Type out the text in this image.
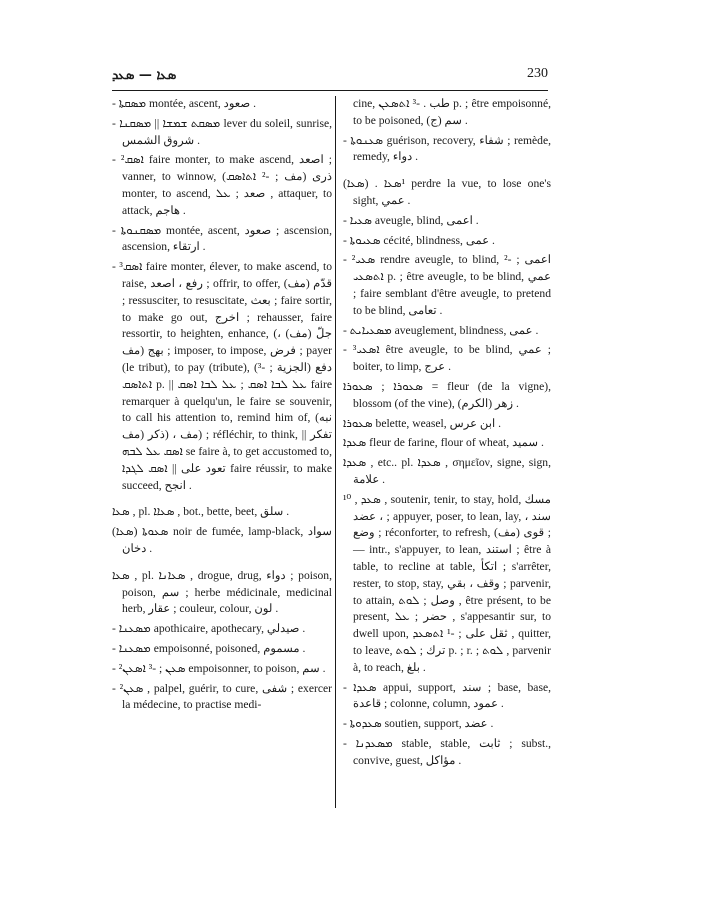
ܣܥܐ — ܣܥܕ	230

- ܡܣܩܬܐ montée, ascent, صعود .

- ܡܣܩܬ ܫܡܫܐ || ܡܣܩܢܐ lever du soleil, sunrise, شروق الشمس .

- ²ܐܣܩ faire monter, to make ascend, اصعد ; vanner, to winnow, (ذرى (مف ; -² ܐܬܐܣܩ monter, to ascend, صعد ; ܥܠ , attaquer, to attack, هاجم .

- ܡܣܩܢܘܬܐ montée, ascent, صعود ; ascension, ascension, ارتقاء .

- ³ܐܣܩ faire monter, élever, to make ascend, to raise, رفع ، اصعد ; offrir, to offer, (قدّم (مف ; ressusciter, to resuscitate, بعث ; faire sortir, to make go out, اخرج ; rehausser, faire ressortir, to heighten, enhance, (جلّ (مف) ، بهج (مف ; imposer, to impose, فرض ; payer (le tribut), to pay (tribute), (دفع (الجزية ; -³ ܐܬܐܣܩ p. || ܥܠ ܠܒܐ ܐܣܩ ; ܥܠ ܠܒܐ ܐܣܩ faire remarquer à quelqu'un, le faire se souvenir, to call his attention to, remind him of, (نبه (مف ، (ذكر (مف ; réfléchir, to think, تفكر || ܐܣܩ ܥܠ ܠܒܗ se faire à, to get accustomed to, تعود على || ܐܣܩ ܠܓܕܐ faire réussir, to make succeed, انجح .

ܣܥܐ , pl. ܣܥܐܐ , bot., bette, beet, سلق .

(ܣܥܐ) ܣܥܘܬܐ noir de fumée, lamp-black, سواد دخان .

ܣܥܐ , pl. ܣܥܐܢܐ , drogue, drug, دواء ; poison, poison, سم ; herbe médicinale, medicinal herb, عقار ; couleur, colour, لون .

- ܡܣܥܢܐ apothicaire, apothecary, صيدلي .

- ܡܣܥܢܐ empoisonné, poisoned, مسموم .

- ²ܣܥܢ ; -³ ܐܣܥܢ empoisonner, to poison, سم .

- ²ܣܥܢ , palpel, guérir, to cure, شفى ; exercer la médecine, to practise medi-

cine, طب . -³ ܐܬܣܥܢ p. ; être empoisonné, to be poisoned, (ج) سم .

- ܣܥܢܘܬܐ guérison, recovery, شفاء ; remède, remedy, دواء .

(ܣܥܐ) . ¹ܣܥܐ perdre la vue, to lose one's sight, عمي .

- ܣܥܝܐ aveugle, blind, اعمى .

- ܣܥܝܘܬܐ cécité, blindness, عمى .

- ²ܣܥܝ rendre aveugle, to blind, اعمى ; -² ܐܬܣܥܝ p. ; être aveugle, to be blind, عمي ; faire semblant d'être aveugle, to pretend to be blind, تعامى .

- ܡܣܥܝܐܝܬ aveuglement, blindness, عمى .

- ³ܐܣܥܝ être aveugle, to be blind, عمي ; boiter, to limp, عرج .

ܣܥܘܪܐ ; ܣܥܘܪܐ = fleur (de la vigne), blossom (of the vine), (زهر (الكرم .

ܣܥܘܪܐ belette, weasel, ابن عرس .

ܣܥܕܐ fleur de farine, flour of wheat, سميد .

ܣܥܕܐ , etc.. pl. ܣܥܕܐ , σημεῖον, signe, sign, علامة .

¹ܣܥܕ , ⁰ , soutenir, tenir, to stay, hold, مسك ، عضد ; appuyer, poser, to lean, lay, سند ، وضع ; réconforter, to refresh, (قوى (مف ; — intr., s'appuyer, to lean, استند ; être à table, to recline at table, اتكأ ; s'arrêter, rester, to stop, stay, وقف ، بقي ; parvenir, to attain, وصل ; ܠܘܬ , être présent, to be present, حضر ; ܥܠ , s'appesantir sur, to dwell upon, ثقل على ; -¹ ܐܬܣܥܕ , quitter, to leave, ترك ; ܠܘܬ p. ; r. ; ܠܘܬ , parvenir à, to reach, بلغ .

- ܣܥܕܐ appui, support, سند ; base, base, قاعدة ; colonne, column, عمود .

- ܣܥܕܘܬܐ soutien, support, عضد .

- ܡܣܥܕܢܐ stable, stable, ثابت ; subst., convive, guest, مؤاكل .
